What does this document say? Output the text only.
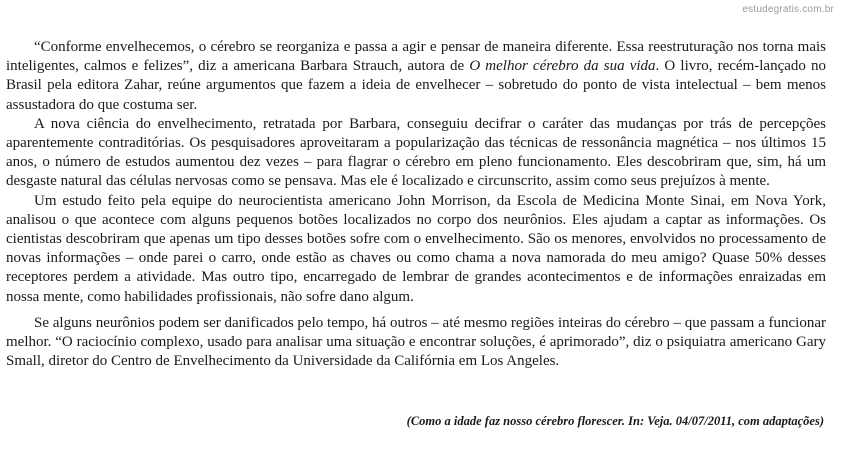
estudegratis.com.br

“Conforme envelhecemos, o cérebro se reorganiza e passa a agir e pensar de maneira diferente. Essa reestruturação nos torna mais inteligentes, calmos e felizes”, diz a americana Barbara Strauch, autora de O melhor cérebro da sua vida. O livro, recém-lançado no Brasil pela editora Zahar, reúne argumentos que fazem a ideia de envelhecer – sobretudo do ponto de vista intelectual – bem menos assustadora do que costuma ser.

A nova ciência do envelhecimento, retratada por Barbara, conseguiu decifrar o caráter das mudanças por trás de percepções aparentemente contraditórias. Os pesquisadores aproveitaram a popularização das técnicas de ressonância magnética – nos últimos 15 anos, o número de estudos aumentou dez vezes – para flagrar o cérebro em pleno funcionamento. Eles descobriram que, sim, há um desgaste natural das células nervosas como se pensava. Mas ele é localizado e circunscrito, assim como seus prejuízos à mente.

Um estudo feito pela equipe do neurocientista americano John Morrison, da Escola de Medicina Monte Sinai, em Nova York, analisou o que acontece com alguns pequenos botões localizados no corpo dos neurônios. Eles ajudam a captar as informações. Os cientistas descobriram que apenas um tipo desses botões sofre com o envelhecimento. São os menores, envolvidos no processamento de novas informações – onde parei o carro, onde estão as chaves ou como chama a nova namorada do meu amigo? Quase 50% desses receptores perdem a atividade. Mas outro tipo, encarregado de lembrar de grandes acontecimentos e de informações enraizadas em nossa mente, como habilidades profissionais, não sofre dano algum.

Se alguns neurônios podem ser danificados pelo tempo, há outros – até mesmo regiões inteiras do cérebro – que passam a funcionar melhor. “O raciocínio complexo, usado para analisar uma situação e encontrar soluções, é aprimorado”, diz o psiquiatra americano Gary Small, diretor do Centro de Envelhecimento da Universidade da Califórnia em Los Angeles.

(Como a idade faz nosso cérebro florescer. In: Veja. 04/07/2011, com adaptações)
